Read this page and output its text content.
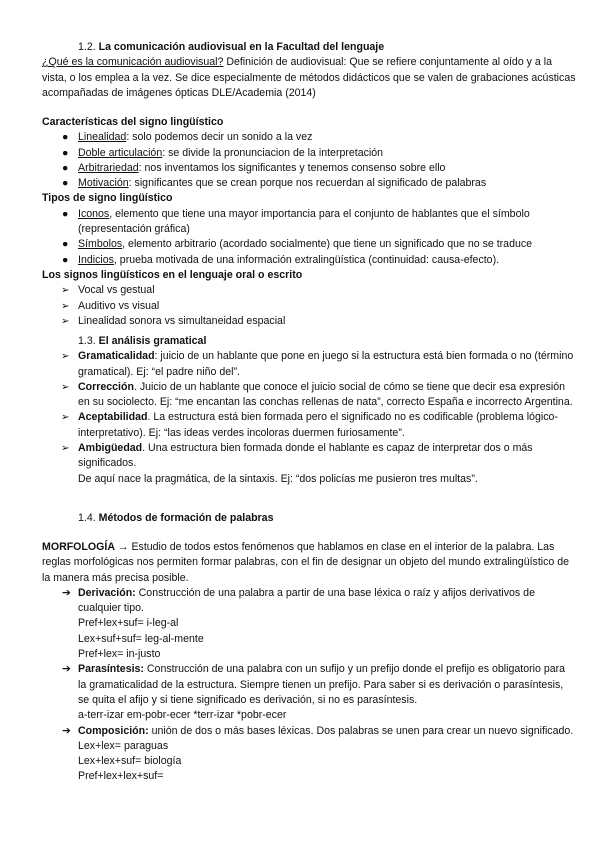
1.2. La comunicación audiovisual en la Facultad del lenguaje

¿Qué es la comunicación audiovisual? Definición de audiovisual: Que se refiere conjuntamente al oído y a la vista, o los emplea a la vez. Se dice especialmente de métodos didácticos que se valen de grabaciones acústicas acompañadas de imágenes ópticas DLE/Academia (2014)

Características del signo lingüístico

● Linealidad: solo podemos decir un sonido a la vez
● Doble articulación: se divide la pronunciacion de la interpretación
● Arbitrariedad: nos inventamos los significantes y tenemos consenso sobre ello
● Motivación: significantes que se crean porque nos recuerdan al significado de palabras

Tipos de signo lingüístico

● Iconos, elemento que tiene una mayor importancia para el conjunto de hablantes que el símbolo (representación gráfica)
● Símbolos, elemento arbitrario (acordado socialmente) que tiene un significado que no se traduce
● Indicios, prueba motivada de una información extralingüística (continuidad: causa-efecto).

Los signos lingüísticos en el lenguaje oral o escrito

➢ Vocal vs gestual
➢ Auditivo vs visual
➢ Linealidad sonora vs simultaneidad espacial

1.3. El análisis gramatical

➢ Gramaticalidad: juicio de un hablante que pone en juego si la estructura está bien formada o no (término gramatical). Ej: “el padre niño del”.
➢ Corrección. Juicio de un hablante que conoce el juicio social de cómo se tiene que decir esa expresión en su sociolecto. Ej: “me encantan las conchas rellenas de nata”, correcto España e incorrecto Argentina.
➢ Aceptabilidad. La estructura está bien formada pero el significado no es codificable (problema lógico-interpretativo). Ej: “las ideas verdes incoloras duermen furiosamente”.
➢ Ambigüedad. Una estructura bien formada donde el hablante es capaz de interpretar dos o más significados.
De aquí nace la pragmática, de la sintaxis. Ej: “dos policías me pusieron tres multas”.

1.4. Métodos de formación de palabras

MORFOLOGÍA → Estudio de todos estos fenómenos que hablamos en clase en el interior de la palabra. Las reglas morfológicas nos permiten formar palabras, con el fin de designar un objeto del mundo extralingüístico de la manera más precisa posible.

➔ Derivación: Construcción de una palabra a partir de una base léxica o raíz y afijos derivativos de cualquier tipo.
Pref+lex+suf= i-leg-al
Lex+suf+suf= leg-al-mente
Pref+lex= in-justo
➔ Parasíntesis: Construcción de una palabra con un sufijo y un prefijo donde el prefijo es obligatorio para la gramaticalidad de la estructura. Siempre tienen un prefijo. Para saber si es derivación o parasíntesis, se quita el afijo y si tiene significado es derivación, si no es parasíntesis.
a-terr-izar em-pobr-ecer *terr-izar *pobr-ecer
➔ Composición: unión de dos o más bases léxicas. Dos palabras se unen para crear un nuevo significado.
Lex+lex= paraguas
Lex+lex+suf= biología
Pref+lex+lex+suf=
